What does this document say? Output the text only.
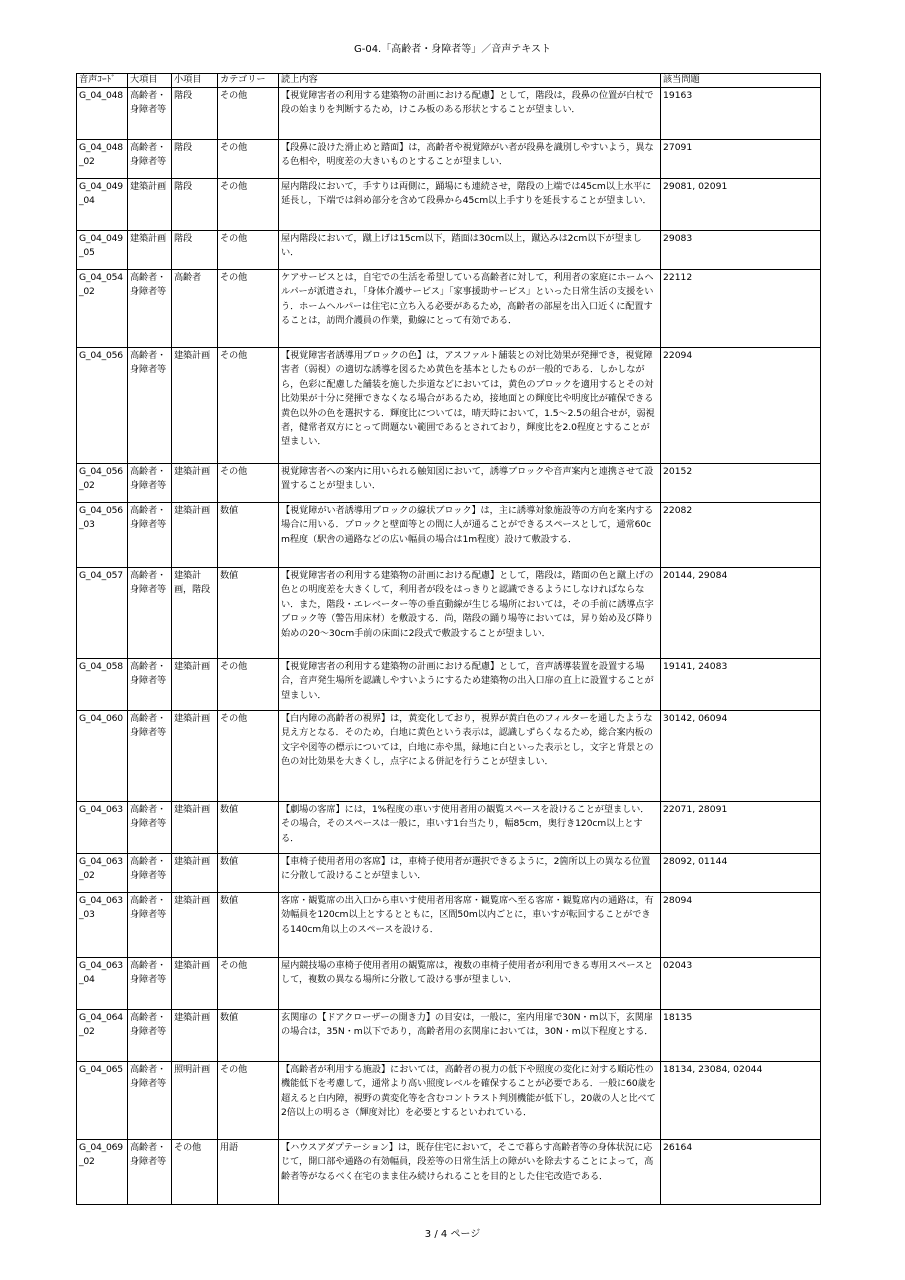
G-04.「高齢者・身障者等」／音声テキスト
音声ｺｰﾄﾞ	大項目	小項目	カテゴリー	読上内容	該当問題
G_04_048	高齢者・身障者等	階段	その他	【視覚障害者の利用する建築物の計画における配慮】として，階段は，段鼻の位置が白杖で段の始まりを判断するため，けこみ板のある形状とすることが望ましい．	19163
G_04_048_02	高齢者・身障者等	階段	その他	【段鼻に設けた滑止めと踏面】は，高齢者や視覚障がい者が段鼻を識別しやすいよう，異なる色相や，明度差の大きいものとすることが望ましい．	27091
G_04_049_04	建築計画	階段	その他	屋内階段において，手すりは両側に，踊場にも連続させ，階段の上端では45cm以上水平に延長し，下端では斜め部分を含めて段鼻から45cm以上手すりを延長することが望ましい．	29081, 02091
G_04_049_05	建築計画	階段	その他	屋内階段において，蹴上げは15cm以下，踏面は30cm以上，蹴込みは2cm以下が望ましい．	29083
G_04_054_02	高齢者・身障者等	高齢者	その他	ケアサービスとは，自宅での生活を希望している高齢者に対して，利用者の家庭にホームヘルパーが派遣され，「身体介護サービス」「家事援助サービス」といった日常生活の支援をいう．ホームヘルパーは住宅に立ち入る必要があるため，高齢者の部屋を出入口近くに配置することは，訪問介護員の作業，動線にとって有効である．	22112
G_04_056	高齢者・身障者等	建築計画	その他	【視覚障害者誘導用ブロックの色】は，アスファルト舗装との対比効果が発揮でき，視覚障害者（弱視）の適切な誘導を図るため黄色を基本としたものが一般的である．しかしながら，色彩に配慮した舗装を施した歩道などにおいては，黄色のブロックを適用するとその対比効果が十分に発揮できなくなる場合があるため，接地面との輝度比や明度比が確保できる黄色以外の色を選択する．輝度比については，晴天時において，1.5～2.5の組合せが，弱視者，健常者双方にとって問題ない範囲であるとされており，輝度比を2.0程度とすることが望ましい．	22094
G_04_056_02	高齢者・身障者等	建築計画	その他	視覚障害者への案内に用いられる触知図において，誘導ブロックや音声案内と連携させて設置することが望ましい．	20152
G_04_056_03	高齢者・身障者等	建築計画	数値	【視覚障がい者誘導用ブロックの線状ブロック】は，主に誘導対象施設等の方向を案内する場合に用いる．ブロックと壁面等との間に人が通ることができるスペースとして，通常60cm程度（駅舎の通路などの広い幅員の場合は1m程度）設けて敷設する．	22082
G_04_057	高齢者・身障者等	建築計画，階段	数値	【視覚障害者の利用する建築物の計画における配慮】として，階段は，踏面の色と蹴上げの色との明度差を大きくして，利用者が段をはっきりと認識できるようにしなければならない．また，階段・エレベーター等の垂直動線が生じる場所においては，その手前に誘導点字ブロック等（警告用床材）を敷設する．尚，階段の踊り場等においては，昇り始め及び降り始めの20～30cm手前の床面に2段式で敷設することが望ましい．	20144, 29084
G_04_058	高齢者・身障者等	建築計画	その他	【視覚障害者の利用する建築物の計画における配慮】として，音声誘導装置を設置する場合，音声発生場所を認識しやすいようにするため建築物の出入口扉の直上に設置することが望ましい．	19141, 24083
G_04_060	高齢者・身障者等	建築計画	その他	【白内障の高齢者の視界】は，黄変化しており，視界が黄白色のフィルターを通したような見え方となる．そのため，白地に黄色という表示は，認識しずらくなるため，総合案内板の文字や図等の標示については，白地に赤や黒，緑地に白といった表示とし，文字と背景との色の対比効果を大きくし，点字による併記を行うことが望ましい．	30142, 06094
G_04_063	高齢者・身障者等	建築計画	数値	【劇場の客席】には，1%程度の車いす使用者用の観覧スペースを設けることが望ましい．その場合，そのスペースは一般に，車いす1台当たり，幅85cm，奥行き120cm以上とする．	22071, 28091
G_04_063_02	高齢者・身障者等	建築計画	数値	【車椅子使用者用の客席】は，車椅子使用者が選択できるように，2箇所以上の異なる位置に分散して設けることが望ましい．	28092, 01144
G_04_063_03	高齢者・身障者等	建築計画	数値	客席・観覧席の出入口から車いす使用者用客席・観覧席へ至る客席・観覧席内の通路は，有効幅員を120cm以上とするとともに，区間50m以内ごとに，車いすが転回することができる140cm角以上のスペースを設ける．	28094
G_04_063_04	高齢者・身障者等	建築計画	その他	屋内競技場の車椅子使用者用の観覧席は，複数の車椅子使用者が利用できる専用スペースとして，複数の異なる場所に分散して設ける事が望ましい．	02043
G_04_064_02	高齢者・身障者等	建築計画	数値	玄関扉の【ドアクローザーの開き力】の目安は，一般に，室内用扉で30N・m以下，玄関扉の場合は，35N・m以下であり，高齢者用の玄関扉においては，30N・m以下程度とする．	18135
G_04_065	高齢者・身障者等	照明計画	その他	【高齢者が利用する施設】においては，高齢者の視力の低下や照度の変化に対する順応性の機能低下を考慮して，通常より高い照度レベルを確保することが必要である．一般に60歳を超えると白内障，視野の黄変化等を含むコントラスト判別機能が低下し，20歳の人と比べて2倍以上の明るさ（輝度対比）を必要とするといわれている．	18134, 23084, 02044
G_04_069_02	高齢者・身障者等	その他	用語	【ハウスアダプテーション】は，既存住宅において，そこで暮らす高齢者等の身体状況に応じて，開口部や通路の有効幅員，段差等の日常生活上の障がいを除去することによって，高齢者等がなるべく在宅のまま住み続けられることを目的とした住宅改造である．	26164
3 / 4 ページ
